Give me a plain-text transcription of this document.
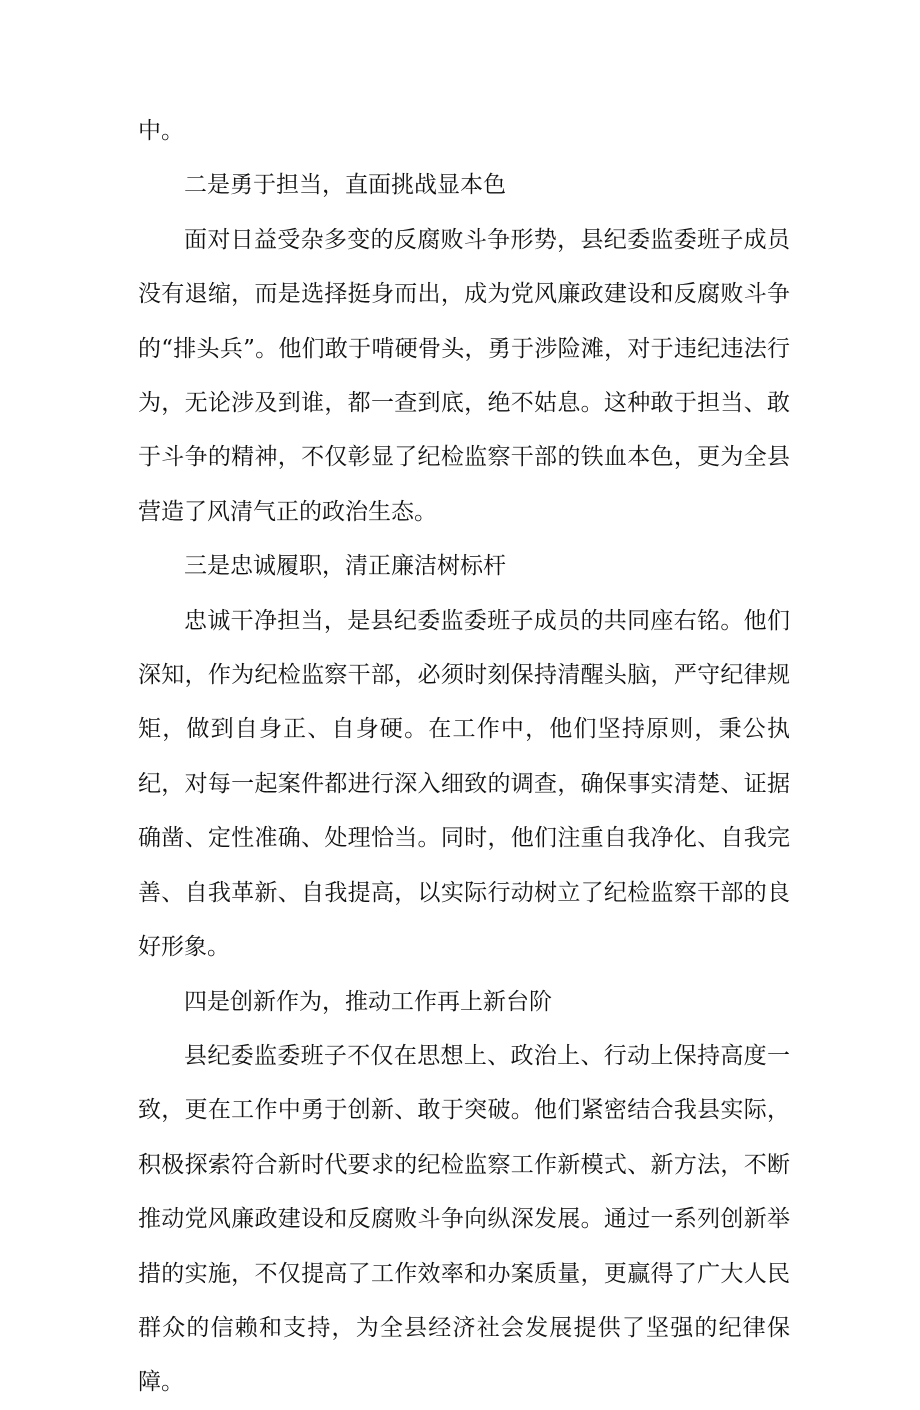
中。

二是勇于担当，直面挑战显本色

面对日益受杂多变的反腐败斗争形势，县纪委监委班子成员没有退缩，而是选择挺身而出，成为党风廉政建设和反腐败斗争的“排头兵”。他们敢于啃硬骨头，勇于涉险滩，对于违纪违法行为，无论涉及到谁，都一查到底，绝不姑息。这种敢于担当、敢于斗争的精神，不仅彰显了纪检监察干部的铁血本色，更为全县营造了风清气正的政治生态。

三是忠诚履职，清正廉洁树标杆

忠诚干净担当，是县纪委监委班子成员的共同座右铭。他们深知，作为纪检监察干部，必须时刻保持清醒头脑，严守纪律规矩，做到自身正、自身硬。在工作中，他们坚持原则，秉公执纪，对每一起案件都进行深入细致的调查，确保事实清楚、证据确凿、定性准确、处理恰当。同时，他们注重自我净化、自我完善、自我革新、自我提高，以实际行动树立了纪检监察干部的良好形象。

四是创新作为，推动工作再上新台阶

县纪委监委班子不仅在思想上、政治上、行动上保持高度一致，更在工作中勇于创新、敢于突破。他们紧密结合我县实际，积极探索符合新时代要求的纪检监察工作新模式、新方法，不断推动党风廉政建设和反腐败斗争向纵深发展。通过一系列创新举措的实施，不仅提高了工作效率和办案质量，更赢得了广大人民群众的信赖和支持，为全县经济社会发展提供了坚强的纪律保障。
